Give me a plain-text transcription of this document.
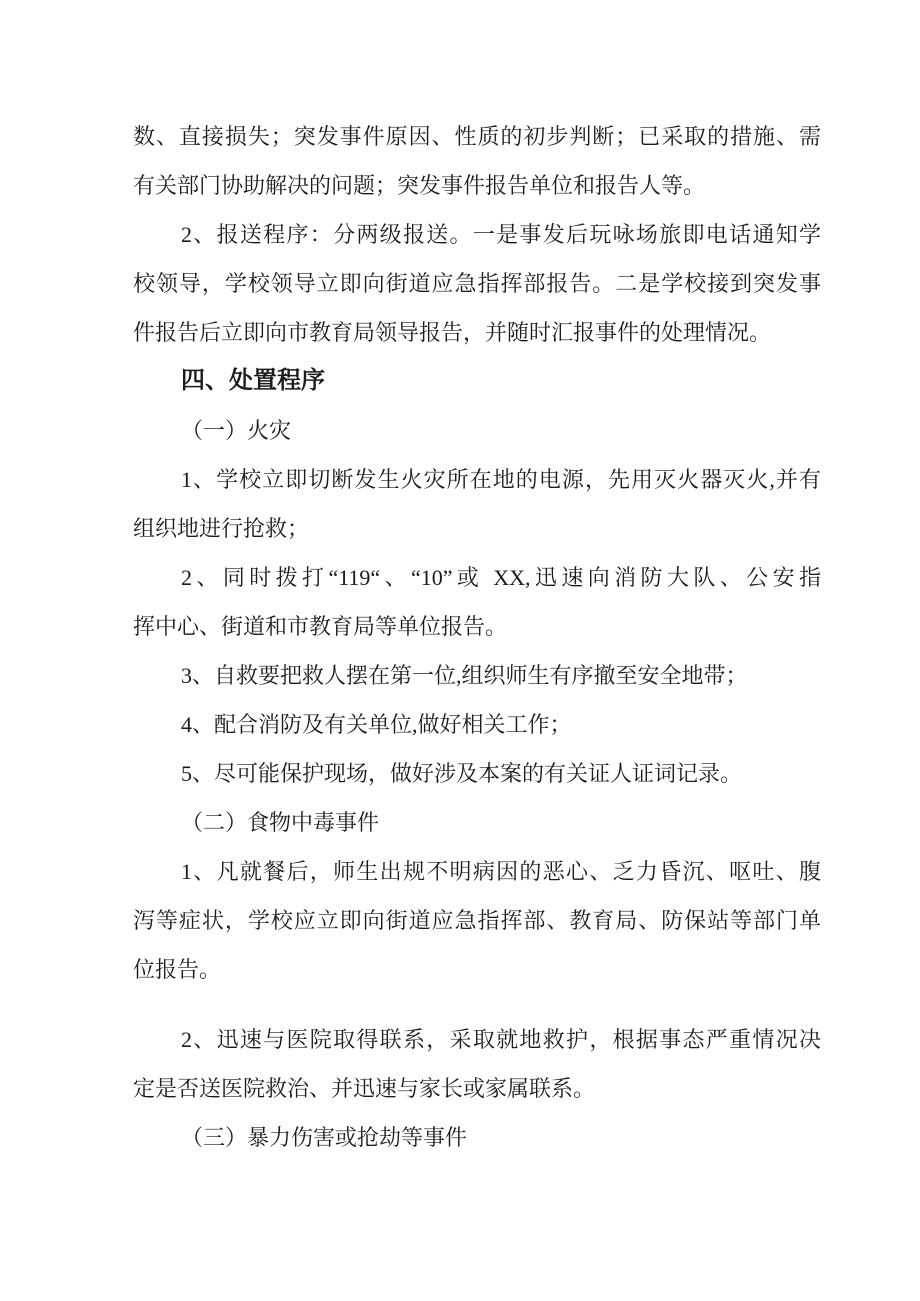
数、直接损失；突发事件原因、性质的初步判断；已采取的措施、需
有关部门协助解决的问题；突发事件报告单位和报告人等。
2、报送程序：分两级报送。一是事发后玩咏场旅即电话通知学
校领导，学校领导立即向街道应急指挥部报告。二是学校接到突发事
件报告后立即向市教育局领导报告，并随时汇报事件的处理情况。
四、处置程序
（一）火灾
1、学校立即切断发生火灾所在地的电源，先用灭火器灭火,并有
组织地进行抢救；
2、同时拨打“119“、“10”或 XX,迅速向消防大队、公安指
挥中心、街道和市教育局等单位报告。
3、自救要把救人摆在第一位,组织师生有序撤至安全地带；
4、配合消防及有关单位,做好相关工作；
5、尽可能保护现场，做好涉及本案的有关证人证词记录。
（二）食物中毒事件
1、凡就餐后，师生出规不明病因的恶心、乏力昏沉、呕吐、腹
泻等症状，学校应立即向街道应急指挥部、教育局、防保站等部门单
位报告。
2、迅速与医院取得联系，采取就地救护，根据事态严重情况决
定是否送医院救治、并迅速与家长或家属联系。
（三）暴力伤害或抢劫等事件
